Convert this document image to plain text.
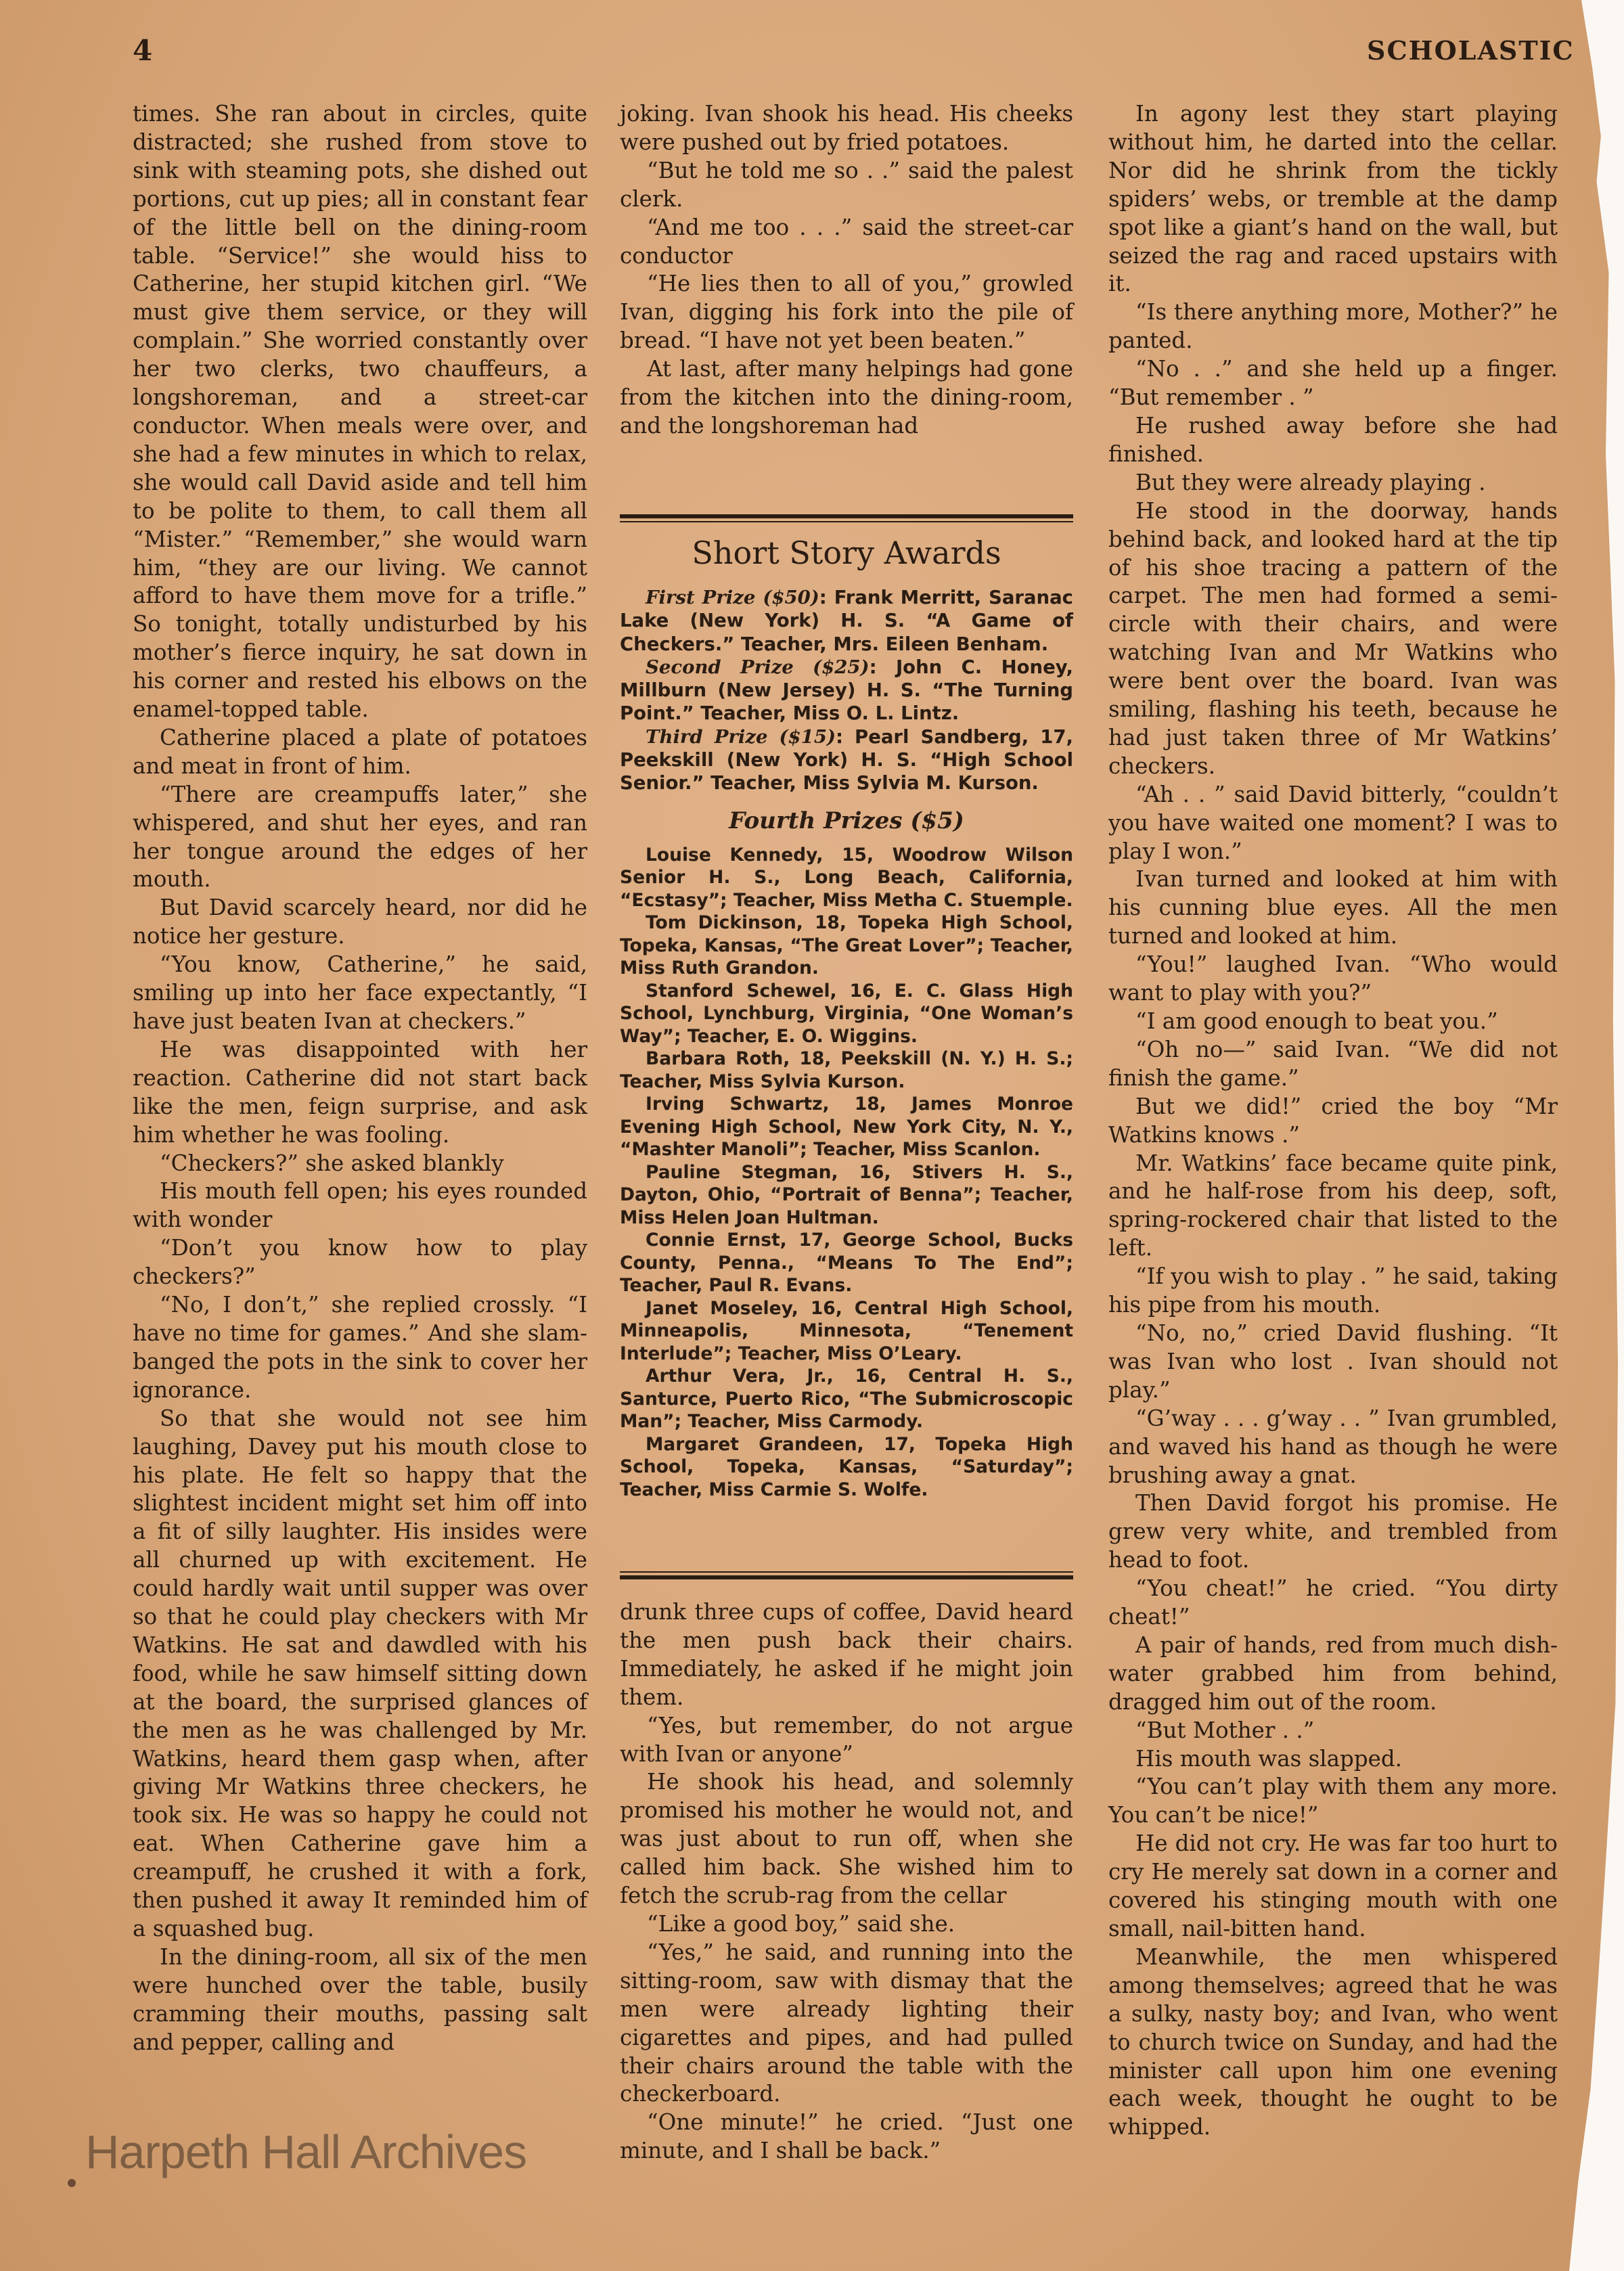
4	SCHOLASTIC

times. She ran about in circles, quite distracted; she rushed from stove to sink with steaming pots, she dished out portions, cut up pies; all in constant fear of the little bell on the dining-room table. “Service!” she would hiss to Catherine, her stupid kitchen girl. “We must give them service, or they will complain.” She worried constantly over her two clerks, two chauffeurs, a longshoreman, and a street-car conductor. When meals were over, and she had a few minutes in which to relax, she would call David aside and tell him to be polite to them, to call them all “Mister.” “Remember,” she would warn him, “they are our living. We cannot afford to have them move for a trifle.” So tonight, totally undisturbed by his mother’s fierce inquiry, he sat down in his corner and rested his elbows on the enamel-topped table.

Catherine placed a plate of potatoes and meat in front of him.

“There are creampuffs later,” she whispered, and shut her eyes, and ran her tongue around the edges of her mouth.

But David scarcely heard, nor did he notice her gesture.

“You know, Catherine,” he said, smiling up into her face expectantly, “I have just beaten Ivan at checkers.”

He was disappointed with her reaction. Catherine did not start back like the men, feign surprise, and ask him whether he was fooling.

“Checkers?” she asked blankly

His mouth fell open; his eyes rounded with wonder

“Don’t you know how to play checkers?”

“No, I don’t,” she replied crossly. “I have no time for games.” And she slam-banged the pots in the sink to cover her ignorance.

So that she would not see him laughing, Davey put his mouth close to his plate. He felt so happy that the slightest incident might set him off into a fit of silly laughter. His insides were all churned up with excitement. He could hardly wait until supper was over so that he could play checkers with Mr Watkins. He sat and dawdled with his food, while he saw himself sitting down at the board, the surprised glances of the men as he was challenged by Mr. Watkins, heard them gasp when, after giving Mr Watkins three checkers, he took six. He was so happy he could not eat. When Catherine gave him a creampuff, he crushed it with a fork, then pushed it away It reminded him of a squashed bug.

In the dining-room, all six of the men were hunched over the table, busily cramming their mouths, passing salt and pepper, calling and

joking. Ivan shook his head. His cheeks were pushed out by fried potatoes.

“But he told me so . .” said the palest clerk.

“And me too . . .” said the street-car conductor

“He lies then to all of you,” growled Ivan, digging his fork into the pile of bread. “I have not yet been beaten.”

At last, after many helpings had gone from the kitchen into the dining-room, and the longshoreman had

Short Story Awards

First Prize ($50): Frank Merritt, Saranac Lake (New York) H. S. “A Game of Checkers.” Teacher, Mrs. Eileen Benham.

Second Prize ($25): John C. Honey, Millburn (New Jersey) H. S. “The Turning Point.” Teacher, Miss O. L. Lintz.

Third Prize ($15): Pearl Sandberg, 17, Peekskill (New York) H. S. “High School Senior.” Teacher, Miss Sylvia M. Kurson.

Fourth Prizes ($5)

Louise Kennedy, 15, Woodrow Wilson Senior H. S., Long Beach, California, “Ecstasy”; Teacher, Miss Metha C. Stuemple.

Tom Dickinson, 18, Topeka High School, Topeka, Kansas, “The Great Lover”; Teacher, Miss Ruth Grandon.

Stanford Schewel, 16, E. C. Glass High School, Lynchburg, Virginia, “One Woman’s Way”; Teacher, E. O. Wiggins.

Barbara Roth, 18, Peekskill (N. Y.) H. S.; Teacher, Miss Sylvia Kurson.

Irving Schwartz, 18, James Monroe Evening High School, New York City, N. Y., “Mashter Manoli”; Teacher, Miss Scanlon.

Pauline Stegman, 16, Stivers H. S., Dayton, Ohio, “Portrait of Benna”; Teacher, Miss Helen Joan Hultman.

Connie Ernst, 17, George School, Bucks County, Penna., “Means To The End”; Teacher, Paul R. Evans.

Janet Moseley, 16, Central High School, Minneapolis, Minnesota, “Tenement Interlude”; Teacher, Miss O’Leary.

Arthur Vera, Jr., 16, Central H. S., Santurce, Puerto Rico, “The Submicroscopic Man”; Teacher, Miss Carmody.

Margaret Grandeen, 17, Topeka High School, Topeka, Kansas, “Saturday”; Teacher, Miss Carmie S. Wolfe.

drunk three cups of coffee, David heard the men push back their chairs. Immediately, he asked if he might join them.

“Yes, but remember, do not argue with Ivan or anyone”

He shook his head, and solemnly promised his mother he would not, and was just about to run off, when she called him back. She wished him to fetch the scrub-rag from the cellar

“Like a good boy,” said she.

“Yes,” he said, and running into the sitting-room, saw with dismay that the men were already lighting their cigarettes and pipes, and had pulled their chairs around the table with the checkerboard.

“One minute!” he cried. “Just one minute, and I shall be back.”

In agony lest they start playing without him, he darted into the cellar. Nor did he shrink from the tickly spiders’ webs, or tremble at the damp spot like a giant’s hand on the wall, but seized the rag and raced upstairs with it.

“Is there anything more, Mother?” he panted.

“No . .” and she held up a finger. “But remember . ”

He rushed away before she had finished.

But they were already playing .

He stood in the doorway, hands behind back, and looked hard at the tip of his shoe tracing a pattern of the carpet. The men had formed a semi-circle with their chairs, and were watching Ivan and Mr Watkins who were bent over the board. Ivan was smiling, flashing his teeth, because he had just taken three of Mr Watkins’ checkers.

“Ah . . ” said David bitterly, “couldn’t you have waited one moment? I was to play I won.”

Ivan turned and looked at him with his cunning blue eyes. All the men turned and looked at him.

“You!” laughed Ivan. “Who would want to play with you?”

“I am good enough to beat you.”

“Oh no—” said Ivan. “We did not finish the game.”

But we did!” cried the boy “Mr Watkins knows .”

Mr. Watkins’ face became quite pink, and he half-rose from his deep, soft, spring-rockered chair that listed to the left.

“If you wish to play . ” he said, taking his pipe from his mouth.

“No, no,” cried David flushing. “It was Ivan who lost . Ivan should not play.”

“G’way . . . g’way . . ” Ivan grumbled, and waved his hand as though he were brushing away a gnat.

Then David forgot his promise. He grew very white, and trembled from head to foot.

“You cheat!” he cried. “You dirty cheat!”

A pair of hands, red from much dish-water grabbed him from behind, dragged him out of the room.

“But Mother . .”

His mouth was slapped.

“You can’t play with them any more. You can’t be nice!”

He did not cry. He was far too hurt to cry He merely sat down in a corner and covered his stinging mouth with one small, nail-bitten hand.

Meanwhile, the men whispered among themselves; agreed that he was a sulky, nasty boy; and Ivan, who went to church twice on Sunday, and had the minister call upon him one evening each week, thought he ought to be whipped.

Harpeth Hall Archives
